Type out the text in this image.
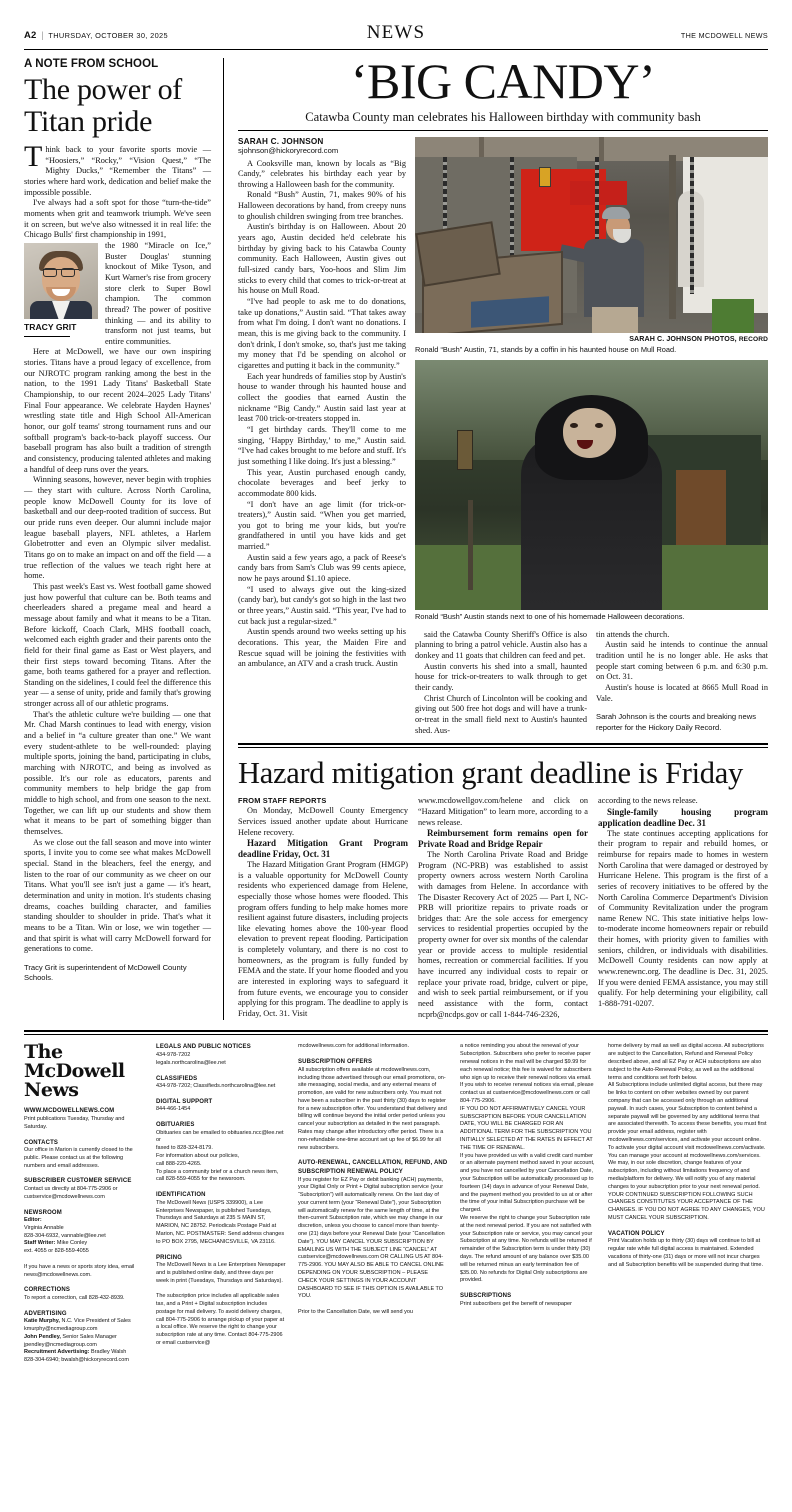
A2 | THURSDAY, OCTOBER 30, 2025	NEWS	THE MCDOWELL NEWS
A NOTE FROM SCHOOL
The power of
Titan pride

Think back to your favorite sports movie — “Hoosiers,” “Rocky,” “Vision Quest,” “The Mighty Ducks,” “Remember the Titans” — stories where hard work, dedication and belief make the impossible possible.

I've always had a soft spot for those “turn-the-tide” moments when grit and teamwork triumph. We've seen it on screen, but we've also witnessed it in real life: the Chicago Bulls' first championship in 1991,

TRACY GRIT

the 1980 “Miracle on Ice,” Buster Douglas' stunning knockout of Mike Tyson, and Kurt Warner's rise from grocery store clerk to Super Bowl champion. The common thread? The power of positive thinking — and its ability to transform not just teams, but entire communities.

Here at McDowell, we have our own inspiring stories. Titans have a proud legacy of excellence, from our NJROTC program ranking among the best in the nation, to the 1991 Lady Titans' Basketball State Championship, to our recent 2024–2025 Lady Titans' Final Four appearance. We celebrate Hayden Haynes' wrestling state title and High School All-American honor, our golf teams' strong tournament runs and our softball program's back-to-back playoff success. Our baseball program has also built a tradition of strength and consistency, producing talented athletes and making a handful of deep runs over the years.

Winning seasons, however, never begin with trophies — they start with culture. Across North Carolina, people know McDowell County for its love of basketball and our deep-rooted tradition of success. But our pride runs even deeper. Our alumni include major league baseball players, NFL athletes, a Harlem Globetrotter and even an Olympic silver medalist. Titans go on to make an impact on and off the field — a true reflection of the values we teach right here at home.

This past week's East vs. West football game showed just how powerful that culture can be. Both teams and cheerleaders shared a pregame meal and heard a message about family and what it means to be a Titan. Before kickoff, Coach Clark, MHS football coach, welcomed each eighth grader and their parents onto the field for their final game as East or West players, and their first steps toward becoming Titans. After the game, both teams gathered for a prayer and reflection. Standing on the sidelines, I could feel the difference this year — a sense of unity, pride and family that's growing stronger across all of our athletic programs.

That's the athletic culture we're building — one that Mr. Chad Marsh continues to lead with energy, vision and a belief in “a culture greater than one.” We want every student-athlete to be well-rounded: playing multiple sports, joining the band, participating in clubs, marching with NJROTC, and being as involved as possible. It's our role as educators, parents and community members to help bridge the gap from middle to high school, and from one season to the next. Together, we can lift up our students and show them what it means to be part of something bigger than themselves.

As we close out the fall season and move into winter sports, I invite you to come see what makes McDowell special. Stand in the bleachers, feel the energy, and listen to the roar of our community as we cheer on our Titans. What you'll see isn't just a game — it's heart, determination and unity in motion. It's students chasing dreams, coaches building character, and families standing shoulder to shoulder in pride. That's what it means to be a Titan. Win or lose, we win together — and that spirit is what will carry McDowell forward for generations to come.

Tracy Grit is superintendent of McDowell County Schools.
‘BIG CANDY’
Catawba County man celebrates his Halloween birthday with community bash
SARAH C. JOHNSON
sjohnson@hickoryrecord.com

A Cooksville man, known by locals as “Big Candy,” celebrates his birthday each year by throwing a Halloween bash for the community.

Ronald “Bush” Austin, 71, makes 90% of his Halloween decorations by hand, from creepy nuns to ghoulish children swinging from tree branches.

Austin's birthday is on Halloween. About 20 years ago, Austin decided he'd celebrate his birthday by giving back to his Catawba County community. Each Halloween, Austin gives out full-sized candy bars, Yoo-hoos and Slim Jim sticks to every child that comes to trick-or-treat at his house on Mull Road.

“I've had people to ask me to do donations, take up donations,” Austin said. “That takes away from what I'm doing. I don't want no donations. I mean, this is me giving back to the community. I don't drink, I don't smoke, so, that's just me taking my money that I'd be spending on alcohol or cigarettes and putting it back in the community.”

Each year hundreds of families stop by Austin's house to wander through his haunted house and collect the goodies that earned Austin the nickname “Big Candy.” Austin said last year at least 700 trick-or-treaters stopped in.

“I get birthday cards. They'll come to me singing, ‘Happy Birthday,’ to me,” Austin said. “I've had cakes brought to me before and stuff. It's just something I like doing. It's just a blessing.”

This year, Austin purchased enough candy, chocolate beverages and beef jerky to accommodate 800 kids.

“I don't have an age limit (for trick-or-treaters),” Austin said. “When you get married, you got to bring me your kids, but you're grandfathered in until you have kids and get married.”

Austin said a few years ago, a pack of Reese's candy bars from Sam's Club was 99 cents apiece, now he pays around $1.10 apiece.

“I used to always give out the king-sized (candy bar), but candy's got so high in the last two or three years,” Austin said. “This year, I've had to cut back just a regular-sized.”

Austin spends around two weeks setting up his decorations. This year, the Maiden Fire and Rescue squad will be joining the festivities with an ambulance, an ATV and a crash truck. Austin

SARAH C. JOHNSON PHOTOS, RECORD
Ronald “Bush” Austin, 71, stands by a coffin in his haunted house on Mull Road.
Ronald “Bush” Austin stands next to one of his homemade Halloween decorations.

said the Catawba County Sheriff's Office is also planning to bring a patrol vehicle. Austin also has a donkey and 11 goats that children can feed and pet.

Austin converts his shed into a small, haunted house for trick-or-treaters to walk through to get their candy.

Christ Church of Lincolnton will be cooking and giving out 500 free hot dogs and will have a trunk-or-treat in the small field next to Austin's haunted shed. Aus-

tin attends the church.

Austin said he intends to continue the annual tradition until he is no longer able. He asks that people start coming between 6 p.m. and 6:30 p.m. on Oct. 31.

Austin's house is located at 8665 Mull Road in Vale.

Sarah Johnson is the courts and breaking news reporter for the Hickory Daily Record.
Hazard mitigation grant deadline is Friday
FROM STAFF REPORTS

On Monday, McDowell County Emergency Services issued another update about Hurricane Helene recovery.

Hazard Mitigation Grant Program deadline Friday, Oct. 31

The Hazard Mitigation Grant Program (HMGP) is a valuable opportunity for McDowell County residents who experienced damage from Helene, especially those whose homes were flooded. This program offers funding to help make homes more resilient against future disasters, including projects like elevating homes above the 100-year flood elevation to prevent repeat flooding. Participation is completely voluntary, and there is no cost to homeowners, as the program is fully funded by FEMA and the state. If your home flooded and you are interested in exploring ways to safeguard it from future events, we encourage you to consider applying for this program. The deadline to apply is Friday, Oct. 31. Visit

www.mcdowellgov.com/helene and click on “Hazard Mitigation” to learn more, according to a news release.

Reimbursement form remains open for Private Road and Bridge Repair

The North Carolina Private Road and Bridge Program (NC-PRB) was established to assist property owners across western North Carolina with damages from Helene. In accordance with The Disaster Recovery Act of 2025 — Part I, NC-PRB will prioritize repairs to private roads or bridges that: Are the sole access for emergency services to residential properties occupied by the property owner for over six months of the calendar year or provide access to multiple residential homes, recreation or commercial facilities. If you have incurred any individual costs to repair or replace your private road, bridge, culvert or pipe, and wish to seek partial reimbursement, or if you need assistance with the form, contact ncprb@ncdps.gov or call 1-844-746-2326,

according to the news release.

Single-family housing program application deadline Dec. 31

The state continues accepting applications for their program to repair and rebuild homes, or reimburse for repairs made to homes in western North Carolina that were damaged or destroyed by Hurricane Helene. This program is the first of a series of recovery initiatives to be offered by the North Carolina Commerce Department's Division of Community Revitalization under the program name Renew NC. This state initiative helps low-to-moderate income homeowners repair or rebuild their homes, with priority given to families with seniors, children, or individuals with disabilities. McDowell County residents can now apply at www.renewnc.org. The deadline is Dec. 31, 2025. If you were denied FEMA assistance, you may still qualify. For help determining your eligibility, call 1-888-791-0207.

The McDowell News
WWW.MCDOWELLNEWS.COM
Print publications Tuesday, Thursday and Saturday.
CONTACTS
Our office in Marion is currently closed to the public. Please contact us at the following numbers and email addresses.
SUBSCRIBER CUSTOMER SERVICE
Contact us directly at 804-775-2906 or custservice@mcdowellnews.com
NEWSROOM
Editor:
Virginia Annable
828-304-6932, vannable@lee.net
Staff Writer: Mike Conley
ext. 4055 or 828-559-4055

If you have a news or sports story idea, email news@mcdowellnews.com.
CORRECTIONS
To report a correction, call 828-432-8939.
ADVERTISING
Katie Murphy, N.C. Vice President of Sales
kmurphy@ncmediagroup.com
John Pendley, Senior Sales Manager
jpendley@ncmediagroup.com
Recruitment Advertising: Bradley Walsh
828-304-6940; bwalsh@hickoryrecord.com
LEGALS AND PUBLIC NOTICES
434-978-7202
legals.northcarolina@lee.net
CLASSIFIEDS
434-978-7202; Classifieds.northcarolina@lee.net
DIGITAL SUPPORT
844-466-1454
OBITUARIES
Obituaries can be emailed to obituaries.ncc@lee.net or
faxed to 828-324-8179.
For information about our policies,
call 888-220-4265.
To place a community brief or a church news item, call 828-559-4055 for the newsroom.
IDENTIFICATION
The McDowell News (USPS 339900), a Lee Enterprises Newspaper, is published Tuesdays, Thursdays and Saturdays at 235 S MAIN ST, MARION, NC 28752. Periodicals Postage Paid at Marion, NC. POSTMASTER: Send address changes to PO BOX 2795, MECHANICSVILLE, VA 23116.
PRICING
The McDowell News is a Lee Enterprises Newspaper and is published online daily, and three days per week in print (Tuesdays, Thursdays and Saturdays).

The subscription price includes all applicable sales tax, and a Print + Digital subscription includes postage for mail delivery. To avoid delivery charges, call 804-775-2906 to arrange pickup of your paper at a local office. We reserve the right to change your subscription rate at any time. Contact 804-775-2906 or email custservice@
mcdowellnews.com for additional information.
SUBSCRIPTION OFFERS
All subscription offers available at mcdowellnews.com, including those advertised through our email promotions, on-site messaging, social media, and any external means of promotion, are valid for new subscribers only. You must not have been a subscriber in the past thirty (30) days to register for a new subscription offer. You understand that delivery and billing will continue beyond the initial order period unless you cancel your subscription as detailed in the next paragraph. Rates may change after introductory offer period. There is a non-refundable one-time account set up fee of $6.99 for all new subscribers.
AUTO-RENEWAL, CANCELLATION, REFUND, AND SUBSCRIPTION RENEWAL POLICY
If you register for EZ Pay or debit banking (ACH) payments, your Digital Only or Print + Digital subscription service (your “Subscription”) will automatically renew. On the last day of your current term (your “Renewal Date”), your Subscription will automatically renew for the same length of time, at the then-current Subscription rate, which we may change in our discretion, unless you choose to cancel more than twenty-one (21) days before your Renewal Date (your “Cancellation Date”). YOU MAY CANCEL YOUR SUBSCRIPTION BY EMAILING US WITH THE SUBJECT LINE “CANCEL” AT custservice@mcdowellnews.com OR CALLING US AT 804-775-2906. YOU MAY ALSO BE ABLE TO CANCEL ONLINE DEPENDING ON YOUR SUBSCRIPTION – PLEASE CHECK YOUR SETTINGS IN YOUR ACCOUNT DASHBOARD TO SEE IF THIS OPTION IS AVAILABLE TO YOU.

Prior to the Cancellation Date, we will send you
a notice reminding you about the renewal of your Subscription. Subscribers who prefer to receive paper renewal notices in the mail will be charged $9.99 for each renewal notice; this fee is waived for subscribers who sign up to receive their renewal notices via email. If you wish to receive renewal notices via email, please contact us at custservice@mcdowellnews.com or call 804-775-2906.
IF YOU DO NOT AFFIRMATIVELY CANCEL YOUR SUBSCRIPTION BEFORE YOUR CANCELLATION DATE, YOU WILL BE CHARGED FOR AN ADDITIONAL TERM FOR THE SUBSCRIPTION YOU INITIALLY SELECTED AT THE RATES IN EFFECT AT THE TIME OF RENEWAL.
If you have provided us with a valid credit card number or an alternate payment method saved in your account, and you have not cancelled by your Cancellation Date, your Subscription will be automatically processed up to fourteen (14) days in advance of your Renewal Date, and the payment method you provided to us at or after the time of your initial Subscription purchase will be charged.
We reserve the right to change your Subscription rate at the next renewal period. If you are not satisfied with your Subscription rate or service, you may cancel your Subscription at any time. No refunds will be returned if remainder of the Subscription term is under thirty (30) days. The refund amount of any balance over $35.00 will be returned minus an early termination fee of $35.00. No refunds for Digital Only subscriptions are provided.
SUBSCRIPTIONS
Print subscribers get the benefit of newspaper
home delivery by mail as well as digital access. All subscriptions are subject to the Cancellation, Refund and Renewal Policy described above, and all EZ Pay or ACH subscriptions are also subject to the Auto-Renewal Policy, as well as the additional terms and conditions set forth below.
All Subscriptions include unlimited digital access, but there may be links to content on other websites owned by our parent company that can be accessed only through an additional paywall. In such cases, your Subscription to content behind a separate paywall will be governed by any additional terms that are associated therewith. To access these benefits, you must first provide your email address, register with mcdowellnews.com/services, and activate your account online. To activate your digital account visit mcdowellnews.com/activate. You can manage your account at mcdowellnews.com/services.
We may, in our sole discretion, change features of your subscription, including without limitations frequency of and media/platform for delivery. We will notify you of any material changes to your subscription prior to your next renewal period. YOUR CONTINUED SUBSCRIPTION FOLLOWING SUCH CHANGES CONSTITUTES YOUR ACCEPTANCE OF THE CHANGES. IF YOU DO NOT AGREE TO ANY CHANGES, YOU MUST CANCEL YOUR SUBSCRIPTION.
VACATION POLICY
Print Vacation holds up to thirty (30) days will continue to bill at regular rate while full digital access is maintained. Extended vacations of thirty-one (31) days or more will not incur charges and all Subscription benefits will be suspended during that time.
